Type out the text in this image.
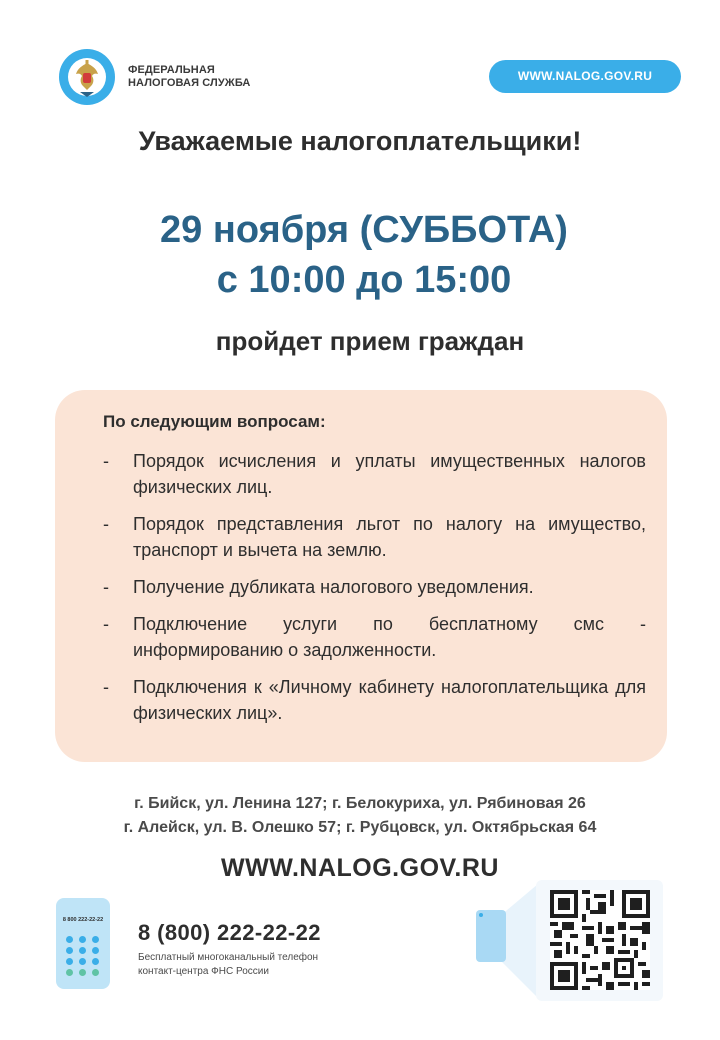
ФЕДЕРАЛЬНАЯ
НАЛОГОВАЯ СЛУЖБА	WWW.NALOG.GOV.RU
Уважаемые налогоплательщики!
29 ноября (СУББОТА)
с 10:00 до 15:00
пройдет прием граждан
По следующим вопросам:
- Порядок исчисления и уплаты имущественных налогов физических лиц.
- Порядок представления льгот по налогу на имущество, транспорт и вычета на землю.
- Получение дубликата налогового уведомления.
- Подключение услуги по бесплатному смс - информированию о задолженности.
- Подключения к «Личному кабинету налогоплательщика для физических лиц».
г. Бийск, ул. Ленина 127; г. Белокуриха, ул. Рябиновая 26
г. Алейск, ул. В. Олешко 57; г. Рубцовск, ул. Октябрьская 64
WWW.NALOG.GOV.RU
8 800 222-22-22	8 (800) 222-22-22
Бесплатный многоканальный телефон
контакт-центра ФНС России
